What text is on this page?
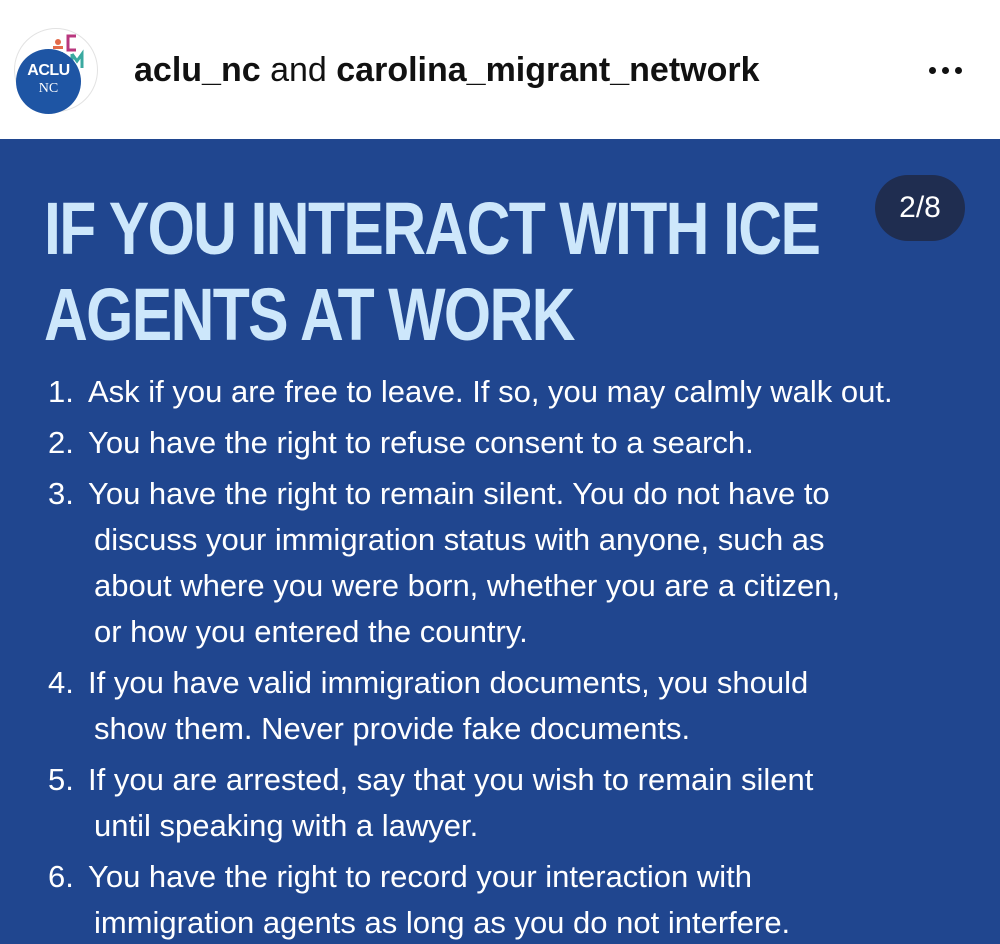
ACLU
NC	aclu_nc and carolina_migrant_network
IF YOU INTERACT WITH ICE
AGENTS AT WORK
2/8
1. Ask if you are free to leave. If so, you may calmly walk out.
2. You have the right to refuse consent to a search.
3. You have the right to remain silent. You do not have to
discuss your immigration status with anyone, such as
about where you were born, whether you are a citizen,
or how you entered the country.
4. If you have valid immigration documents, you should
show them. Never provide fake documents.
5. If you are arrested, say that you wish to remain silent
until speaking with a lawyer.
6. You have the right to record your interaction with
immigration agents as long as you do not interfere.
